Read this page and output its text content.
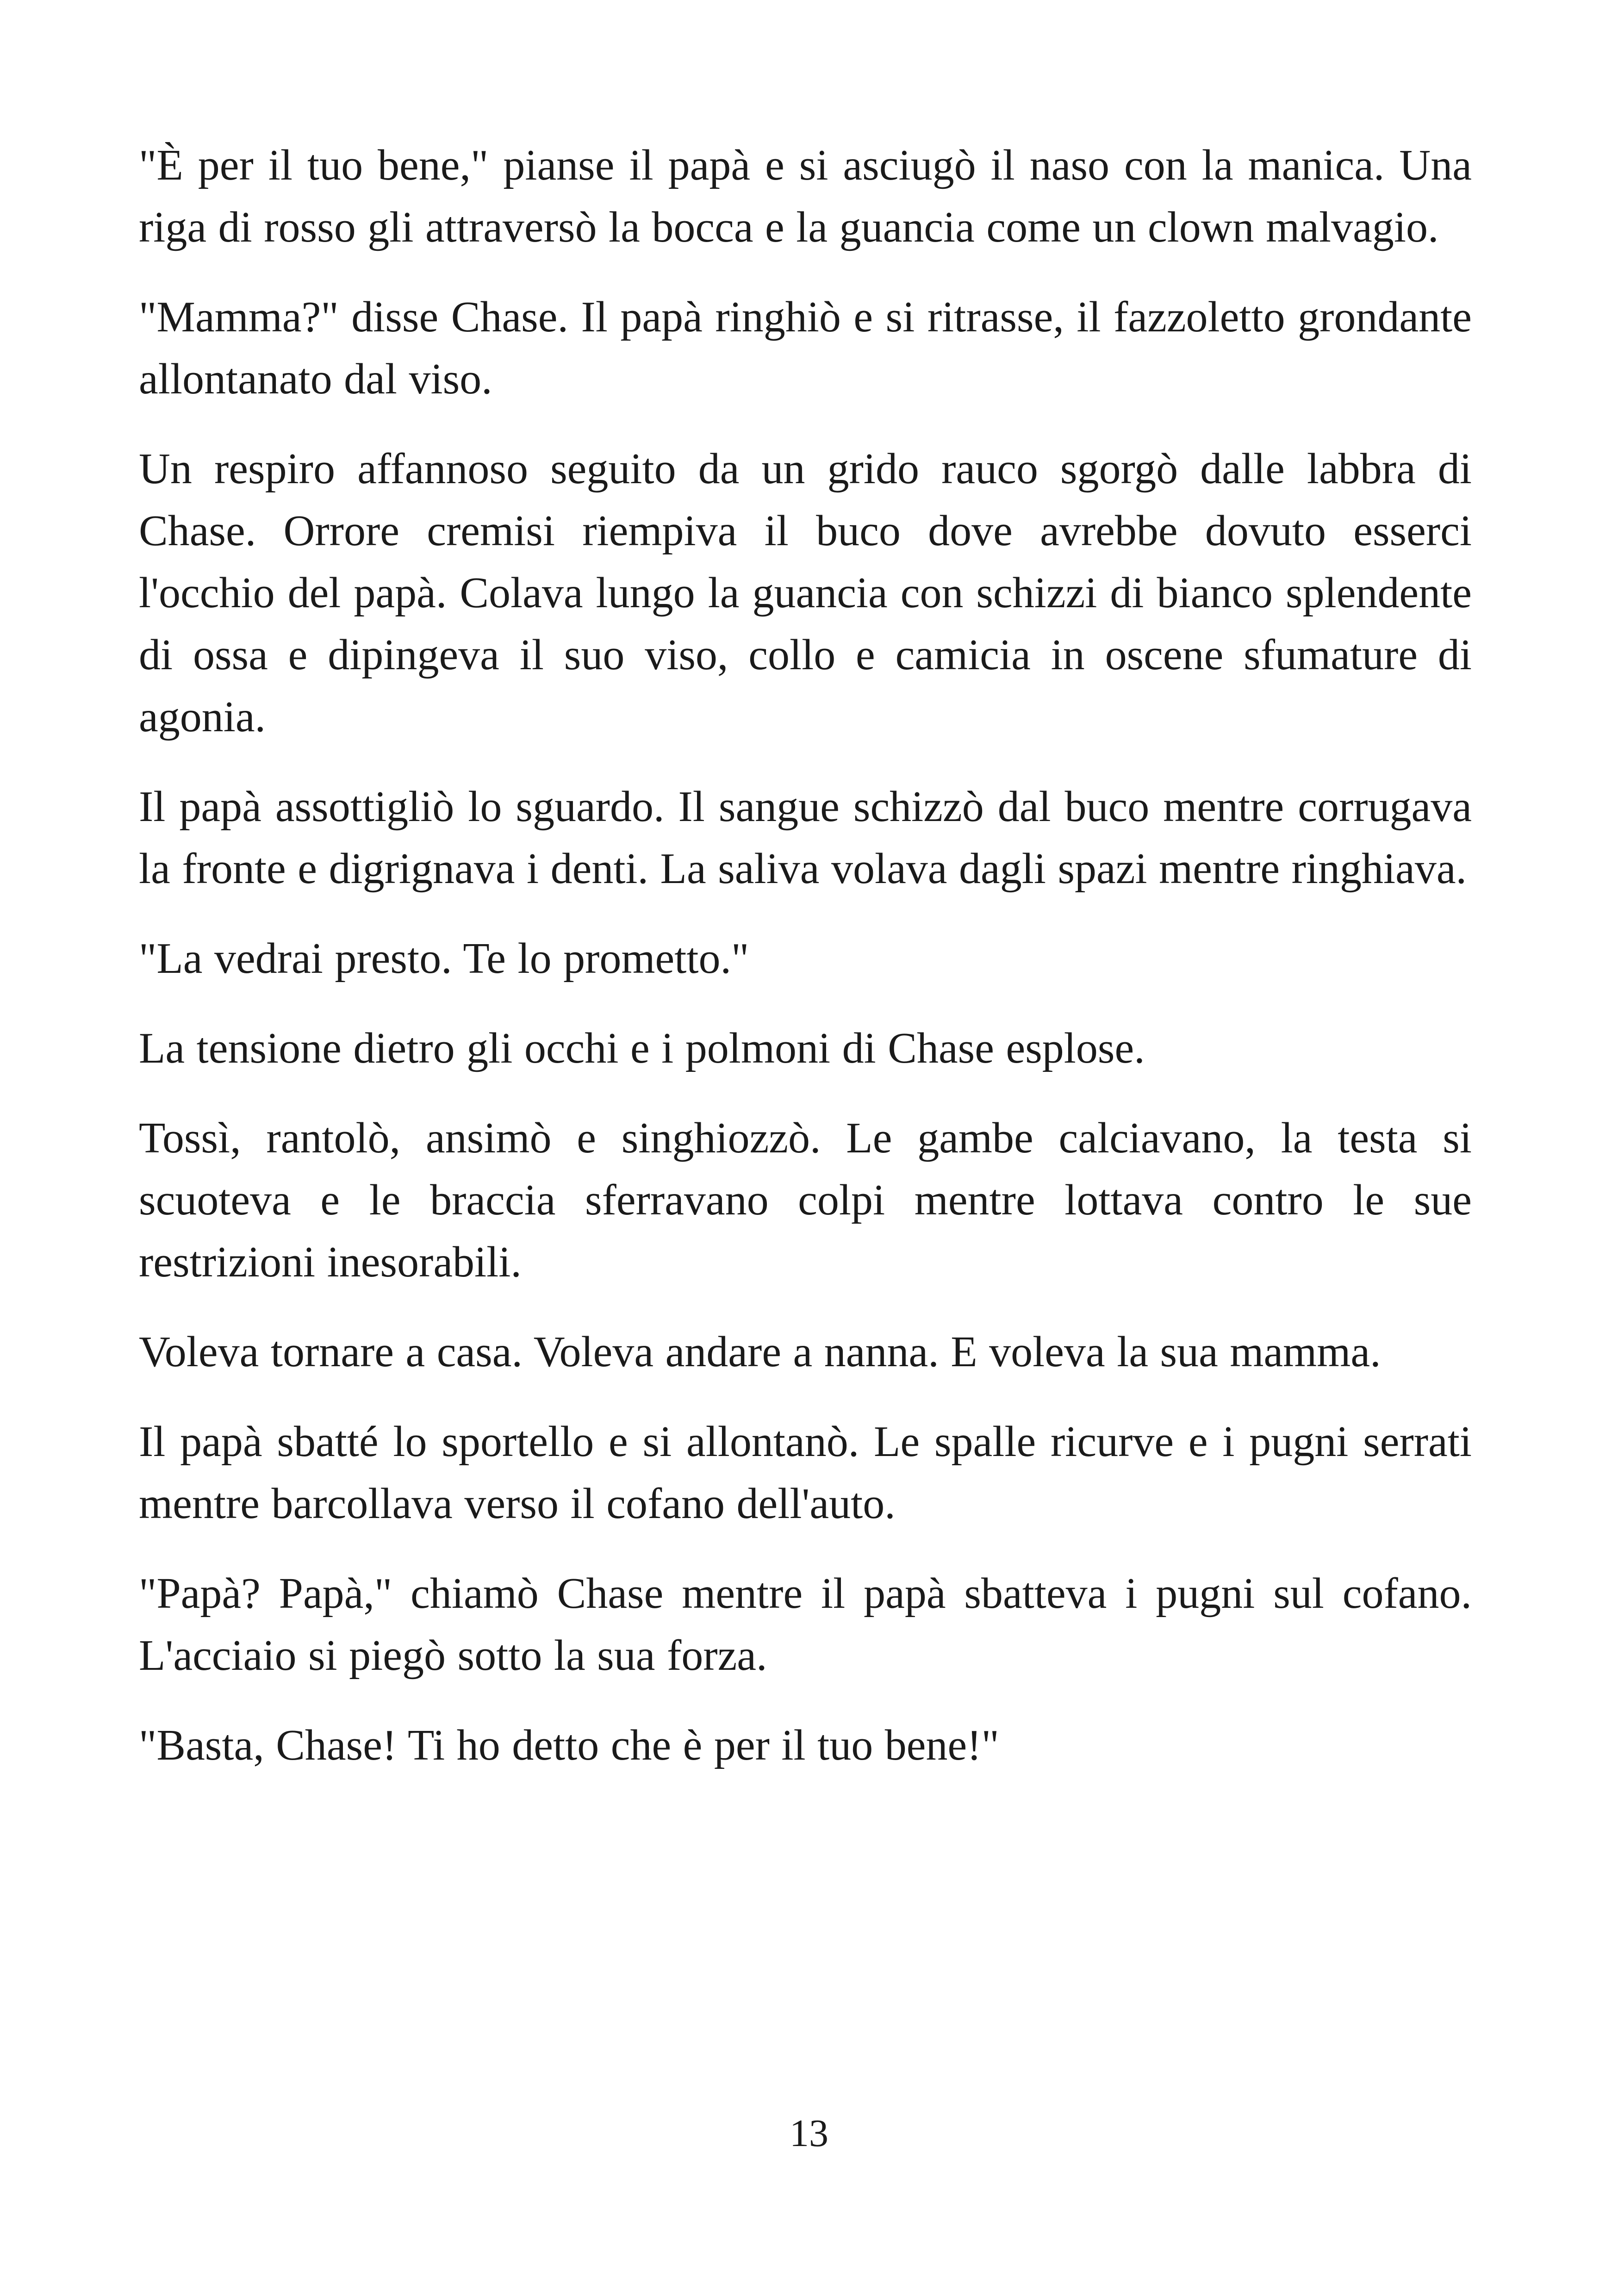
"È per il tuo bene," pianse il papà e si asciugò il naso con la manica. Una riga di rosso gli attraversò la bocca e la guancia come un clown malvagio.

"Mamma?" disse Chase. Il papà ringhiò e si ritrasse, il fazzoletto grondante allontanato dal viso.

Un respiro affannoso seguito da un grido rauco sgorgò dalle labbra di Chase. Orrore cremisi riempiva il buco dove avrebbe dovuto esserci l'occhio del papà. Colava lungo la guancia con schizzi di bianco splendente di ossa e dipingeva il suo viso, collo e camicia in oscene sfumature di agonia.

Il papà assottigliò lo sguardo. Il sangue schizzò dal buco mentre corrugava la fronte e digrignava i denti. La saliva volava dagli spazi mentre ringhiava.

"La vedrai presto. Te lo prometto."

La tensione dietro gli occhi e i polmoni di Chase esplose.

Tossì, rantolò, ansimò e singhiozzò. Le gambe calciavano, la testa si scuoteva e le braccia sferravano colpi mentre lottava contro le sue restrizioni inesorabili.

Voleva tornare a casa. Voleva andare a nanna. E voleva la sua mamma.

Il papà sbatté lo sportello e si allontanò. Le spalle ricurve e i pugni serrati mentre barcollava verso il cofano dell'auto.

"Papà? Papà," chiamò Chase mentre il papà sbatteva i pugni sul cofano. L'acciaio si piegò sotto la sua forza.

"Basta, Chase! Ti ho detto che è per il tuo bene!"

13
